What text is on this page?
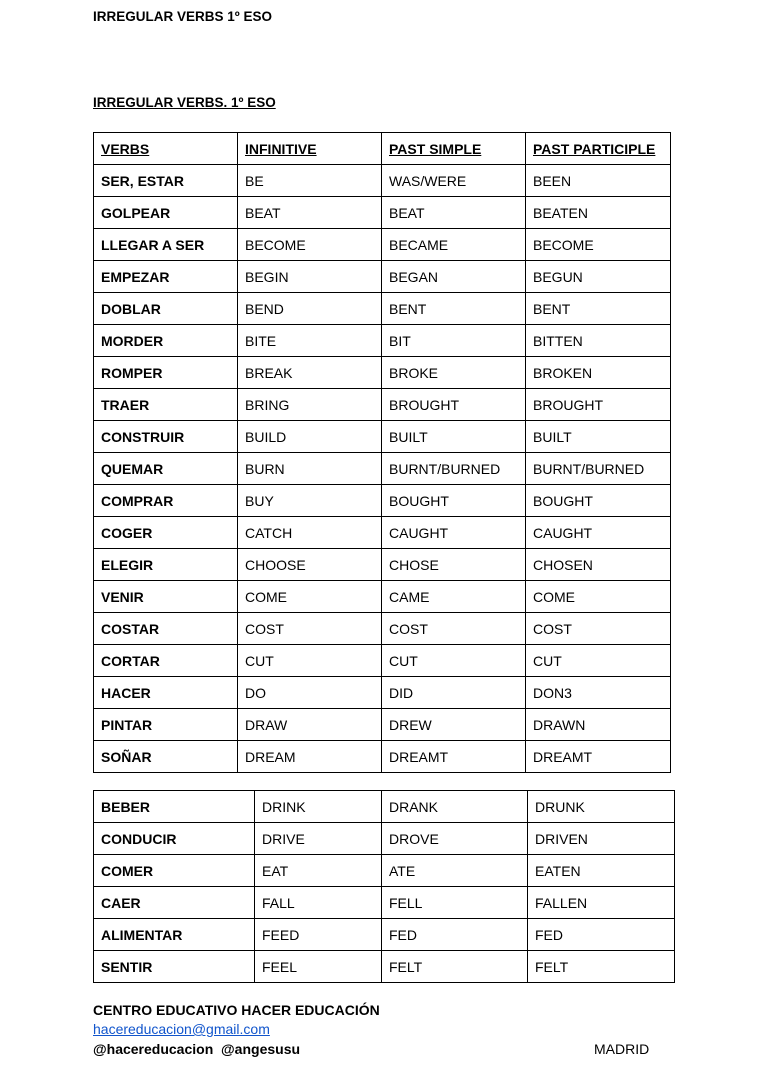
IRREGULAR VERBS 1º ESO
IRREGULAR VERBS. 1º ESO
VERBS	INFINITIVE	PAST SIMPLE	PAST PARTICIPLE
SER, ESTAR	BE	WAS/WERE	BEEN
GOLPEAR	BEAT	BEAT	BEATEN
LLEGAR A SER	BECOME	BECAME	BECOME
EMPEZAR	BEGIN	BEGAN	BEGUN
DOBLAR	BEND	BENT	BENT
MORDER	BITE	BIT	BITTEN
ROMPER	BREAK	BROKE	BROKEN
TRAER	BRING	BROUGHT	BROUGHT
CONSTRUIR	BUILD	BUILT	BUILT
QUEMAR	BURN	BURNT/BURNED	BURNT/BURNED
COMPRAR	BUY	BOUGHT	BOUGHT
COGER	CATCH	CAUGHT	CAUGHT
ELEGIR	CHOOSE	CHOSE	CHOSEN
VENIR	COME	CAME	COME
COSTAR	COST	COST	COST
CORTAR	CUT	CUT	CUT
HACER	DO	DID	DON3
PINTAR	DRAW	DREW	DRAWN
SOÑAR	DREAM	DREAMT	DREAMT
BEBER	DRINK	DRANK	DRUNK
CONDUCIR	DRIVE	DROVE	DRIVEN
COMER	EAT	ATE	EATEN
CAER	FALL	FELL	FALLEN
ALIMENTAR	FEED	FED	FED
SENTIR	FEEL	FELT	FELT
CENTRO EDUCATIVO HACER EDUCACIÓN
hacereducacion@gmail.com
@hacereducacion  @angesusu	MADRID
